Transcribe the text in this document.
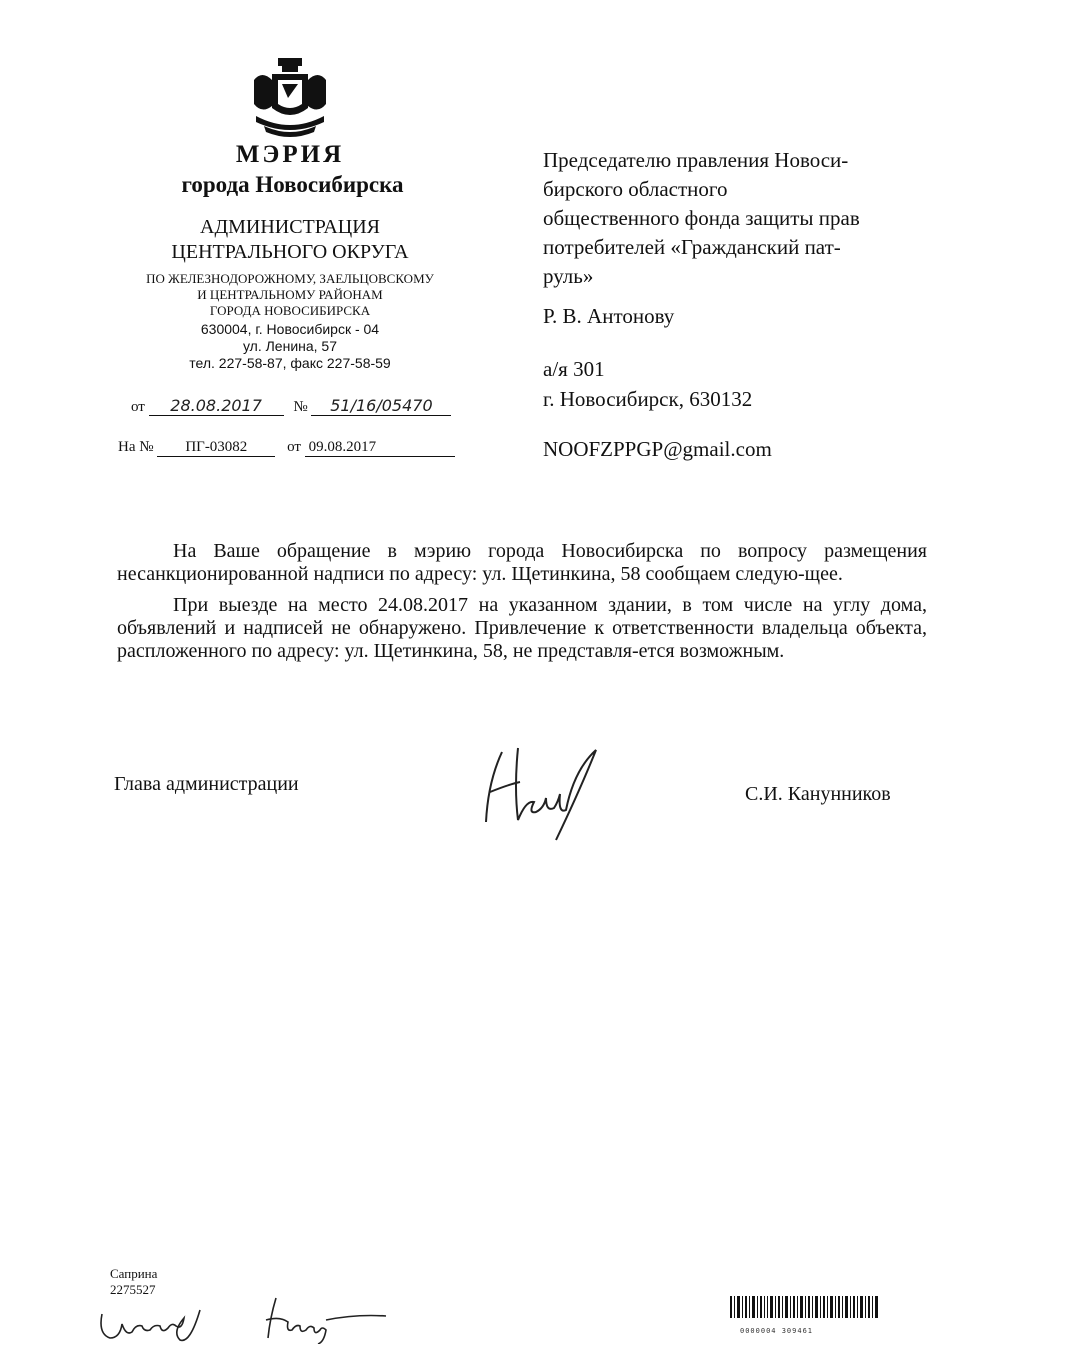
МЭРИЯ
города Новосибирска
АДМИНИСТРАЦИЯ
ЦЕНТРАЛЬНОГО ОКРУГА
ПО ЖЕЛЕЗНОДОРОЖНОМУ, ЗАЕЛЬЦОВСКОМУ
И ЦЕНТРАЛЬНОМУ РАЙОНАМ
ГОРОДА НОВОСИБИРСКА
630004, г. Новосибирск - 04
ул. Ленина, 57
тел. 227-58-87, факс 227-58-59
от 28.08.2017 № 51/16/05470
На № ПГ-03082	от 09.08.2017
Председателю правления Новоси-
бирского областного
общественного фонда защиты прав
потребителей «Гражданский пат-
руль»
Р. В. Антонову
а/я 301
г. Новосибирск, 630132
NOOFZPPGP@gmail.com

На Ваше обращение в мэрию города Новосибирска по вопросу размещения несанкционированной надписи по адресу: ул. Щетинкина, 58 сообщаем следую-щее.

При выезде на место 24.08.2017 на указанном здании, в том числе на углу дома, объявлений и надписей не обнаружено. Привлечение к ответственности владельца объекта, распложенного по адресу: ул. Щетинкина, 58, не представля-ется возможным.

Глава администрации	С.И. Канунников
Саприна
2275527
0000004 309461
